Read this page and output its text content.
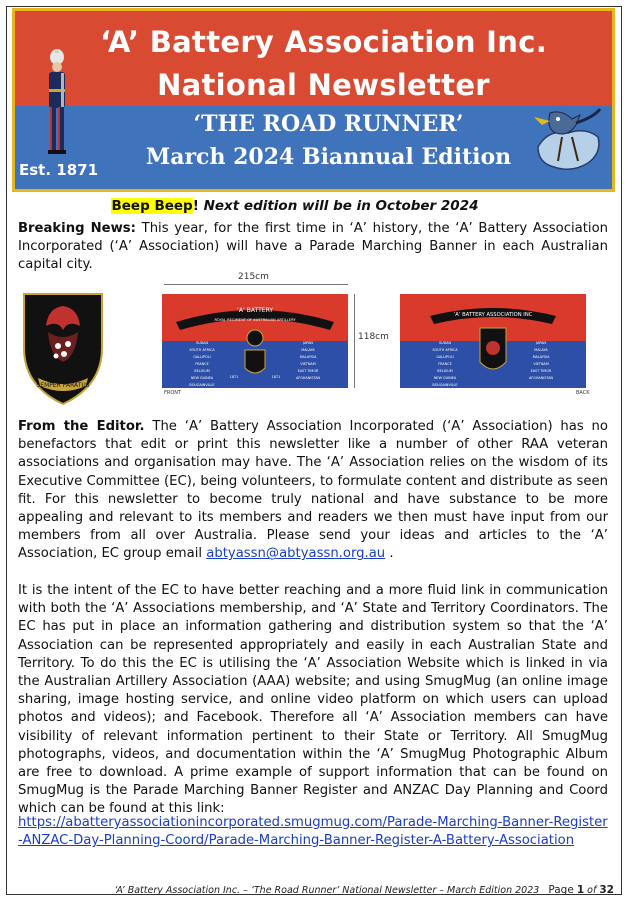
‘A’ Battery Association Inc.
National Newsletter
‘THE ROAD RUNNER’
March 2024 Biannual Edition
Est. 1871
Beep Beep! Next edition will be in October 2024
Breaking News: This year, for the first time in ‘A’ history, the ‘A’ Battery Association Incorporated (‘A’ Association) will have a Parade Marching Banner in each Australian capital city.
SEMPER PARATUS
215cm
118cm
‘A’ BATTERY
ROYAL REGIMENT OF AUSTRALIAN ARTILLERY
SUDAN
SOUTH AFRICA
GALLIPOLI
FRANCE
BELGIUM
NEW GUINEA
BOUGAINVILLE
JAPAN
MALAYA
MALAYSIA
VIETNAM
EAST TIMOR
AFGHANISTAN
1871	1871
FRONT
‘A’ BATTERY ASSOCIATION INC
SUDAN
SOUTH AFRICA
GALLIPOLI
FRANCE
BELGIUM
NEW GUINEA
BOUGAINVILLE
JAPAN
MALAYA
MALAYSIA
VIETNAM
EAST TIMOR
AFGHANISTAN
BACK
From the Editor. The ‘A’ Battery Association Incorporated (‘A’ Association) has no benefactors that edit or print this newsletter like a number of other RAA veteran associations and organisation may have. The ‘A’ Association relies on the wisdom of its Executive Committee (EC), being volunteers, to formulate content and distribute as seen fit. For this newsletter to become truly national and have substance to be more appealing and relevant to its members and readers we then must have input from our members from all over Australia. Please send your ideas and articles to the ‘A’ Association, EC group email abtyassn@abtyassn.org.au .
It is the intent of the EC to have better reaching and a more fluid link in communication with both the ‘A’ Associations membership, and ‘A’ State and Territory Coordinators. The EC has put in place an information gathering and distribution system so that the ‘A’ Association can be represented appropriately and easily in each Australian State and Territory. To do this the EC is utilising the ‘A’ Association Website which is linked in via the Australian Artillery Association (AAA) website; and using SmugMug (an online image sharing, image hosting service, and online video platform on which users can upload photos and videos); and Facebook. Therefore all ‘A’ Association members can have visibility of relevant information pertinent to their State or Territory. All SmugMug photographs, videos, and documentation within the ‘A’ SmugMug Photographic Album are free to download. A prime example of support information that can be found on SmugMug is the Parade Marching Banner Register and ANZAC Day Planning and Coord which can be found at this link:
https://abatteryassociationincorporated.smugmug.com/Parade-Marching-Banner-Register-ANZAC-Day-Planning-Coord/Parade-Marching-Banner-Register-A-Battery-Association
‘A’ Battery Association Inc. – ‘The Road Runner’ National Newsletter – March Edition 2023 Page 1 of 32
